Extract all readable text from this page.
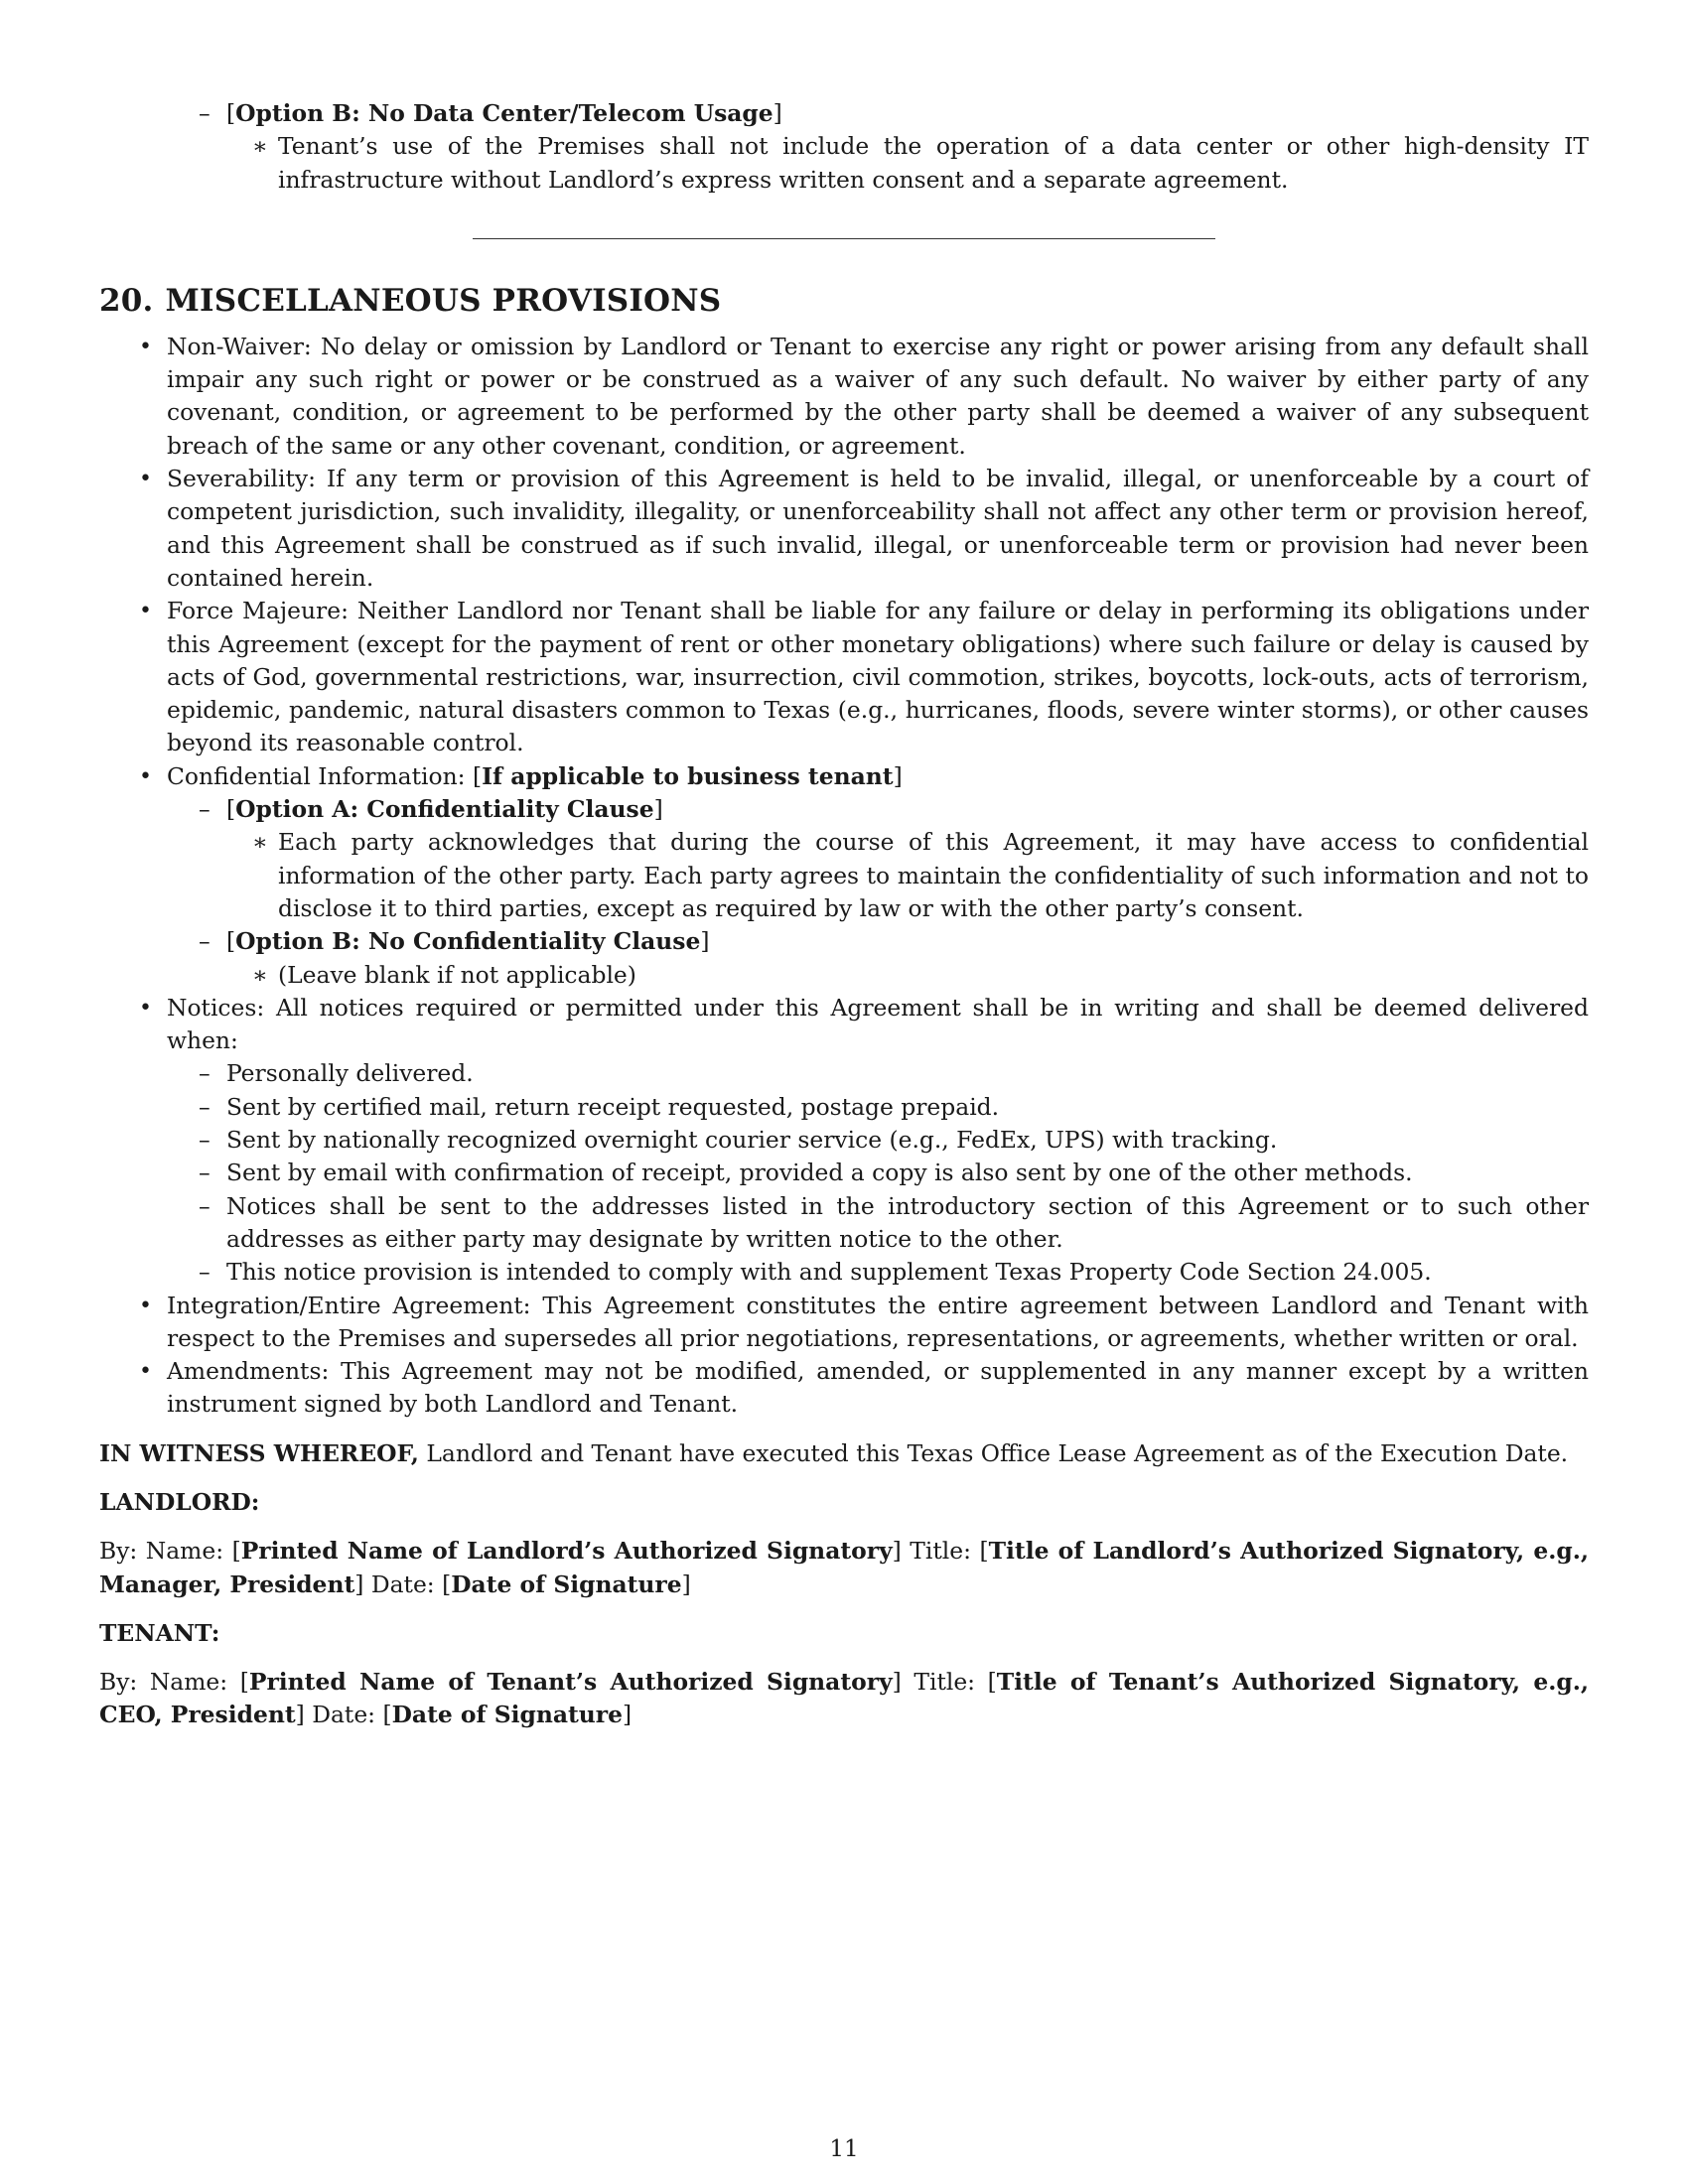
– [Option B: No Data Center/Telecom Usage]
∗ Tenant’s use of the Premises shall not include the operation of a data center or other high-density IT infrastructure without Landlord’s express written consent and a separate agreement.
20. MISCELLANEOUS PROVISIONS
• Non-Waiver: No delay or omission by Landlord or Tenant to exercise any right or power arising from any default shall impair any such right or power or be construed as a waiver of any such default. No waiver by either party of any covenant, condition, or agreement to be performed by the other party shall be deemed a waiver of any subsequent breach of the same or any other covenant, condition, or agreement.
• Severability: If any term or provision of this Agreement is held to be invalid, illegal, or unenforceable by a court of competent jurisdiction, such invalidity, illegality, or unenforceability shall not affect any other term or provision hereof, and this Agreement shall be construed as if such invalid, illegal, or unenforceable term or provision had never been contained herein.
• Force Majeure: Neither Landlord nor Tenant shall be liable for any failure or delay in performing its obligations under this Agreement (except for the payment of rent or other monetary obligations) where such failure or delay is caused by acts of God, governmental restrictions, war, insurrection, civil commotion, strikes, boycotts, lock-outs, acts of terrorism, epidemic, pandemic, natural disasters common to Texas (e.g., hurricanes, floods, severe winter storms), or other causes beyond its reasonable control.
• Confidential Information: [If applicable to business tenant]
– [Option A: Confidentiality Clause]
∗ Each party acknowledges that during the course of this Agreement, it may have access to confidential information of the other party. Each party agrees to maintain the confidentiality of such information and not to disclose it to third parties, except as required by law or with the other party’s consent.
– [Option B: No Confidentiality Clause]
∗ (Leave blank if not applicable)
• Notices: All notices required or permitted under this Agreement shall be in writing and shall be deemed delivered when:
– Personally delivered.
– Sent by certified mail, return receipt requested, postage prepaid.
– Sent by nationally recognized overnight courier service (e.g., FedEx, UPS) with tracking.
– Sent by email with confirmation of receipt, provided a copy is also sent by one of the other methods.
– Notices shall be sent to the addresses listed in the introductory section of this Agreement or to such other addresses as either party may designate by written notice to the other.
– This notice provision is intended to comply with and supplement Texas Property Code Section 24.005.
• Integration/Entire Agreement: This Agreement constitutes the entire agreement between Landlord and Tenant with respect to the Premises and supersedes all prior negotiations, representations, or agreements, whether written or oral.
• Amendments: This Agreement may not be modified, amended, or supplemented in any manner except by a written instrument signed by both Landlord and Tenant.
IN WITNESS WHEREOF, Landlord and Tenant have executed this Texas Office Lease Agreement as of the Execution Date.
LANDLORD:
By: Name: [Printed Name of Landlord’s Authorized Signatory] Title: [Title of Landlord’s Authorized Signatory, e.g., Manager, President] Date: [Date of Signature]
TENANT:
By: Name: [Printed Name of Tenant’s Authorized Signatory] Title: [Title of Tenant’s Authorized Signatory, e.g., CEO, President] Date: [Date of Signature]
11
